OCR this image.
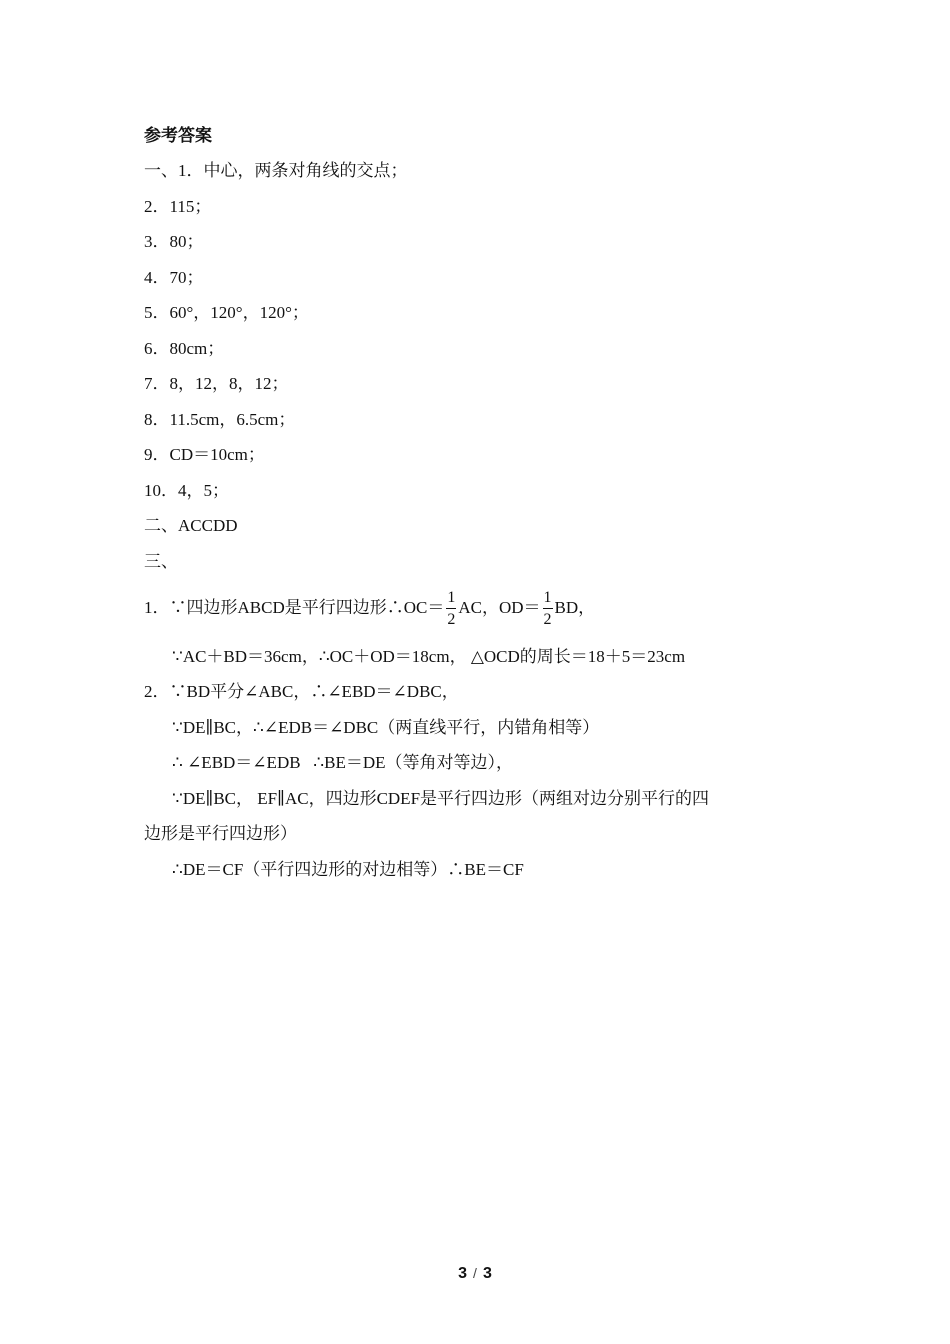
参考答案
一、1．中心，两条对角线的交点；
2．115；
3．80；
4．70；
5．60°，120°，120°；
6．80cm；
7．8，12，8，12；
8．11.5cm，6.5cm；
9．CD＝10cm；
10．4，5；
二、ACCDD
三、
1．∵四边形ABCD是平行四边形∴OC＝ $\frac{1}{2}$ AC，$OD= \frac{1}{2}$ BD，
∵AC＋BD＝36cm，∴OC＋OD＝18cm， △OCD的周长＝18＋5＝23cm
2．∵BD平分∠ABC，∴∠EBD＝∠DBC，
∵DE∥BC，∴∠EDB＝∠DBC（两直线平行，内错角相等）
∴ ∠EBD＝∠EDB   ∴BE＝DE（等角对等边），
∵DE∥BC， EF∥AC，四边形CDEF是平行四边形（两组对边分别平行的四
边形是平行四边形）
∴DE＝CF（平行四边形的对边相等）∴BE＝CF
3 / 3
